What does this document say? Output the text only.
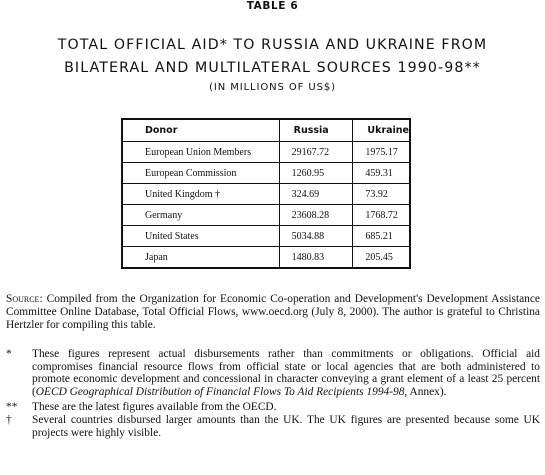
TABLE 6
TOTAL OFFICIAL AID* TO RUSSIA AND UKRAINE FROM
BILATERAL AND MULTILATERAL SOURCES 1990-98**
(IN MILLIONS OF US$)
Donor	Russia	Ukraine
European Union Members	29167.72	1975.17
European Commission	1260.95	459.31
United Kingdom †	324.69	73.92
Germany	23608.28	1768.72
United States	5034.88	685.21
Japan	1480.83	205.45
Source: Compiled from the Organization for Economic Co-operation and Development's Development Assistance Committee Online Database, Total Official Flows, www.oecd.org (July 8, 2000). The author is grateful to Christina Hertzler for compiling this table.
* These figures represent actual disbursements rather than commitments or obligations. Official aid compromises financial resource flows from official state or local agencies that are both administered to promote economic development and concessional in character conveying a grant element of a least 25 percent (OECD Geographical Distribution of Financial Flows To Aid Recipients 1994-98, Annex).
** These are the latest figures available from the OECD.
† Several countries disbursed larger amounts than the UK. The UK figures are presented because some UK projects were highly visible.
